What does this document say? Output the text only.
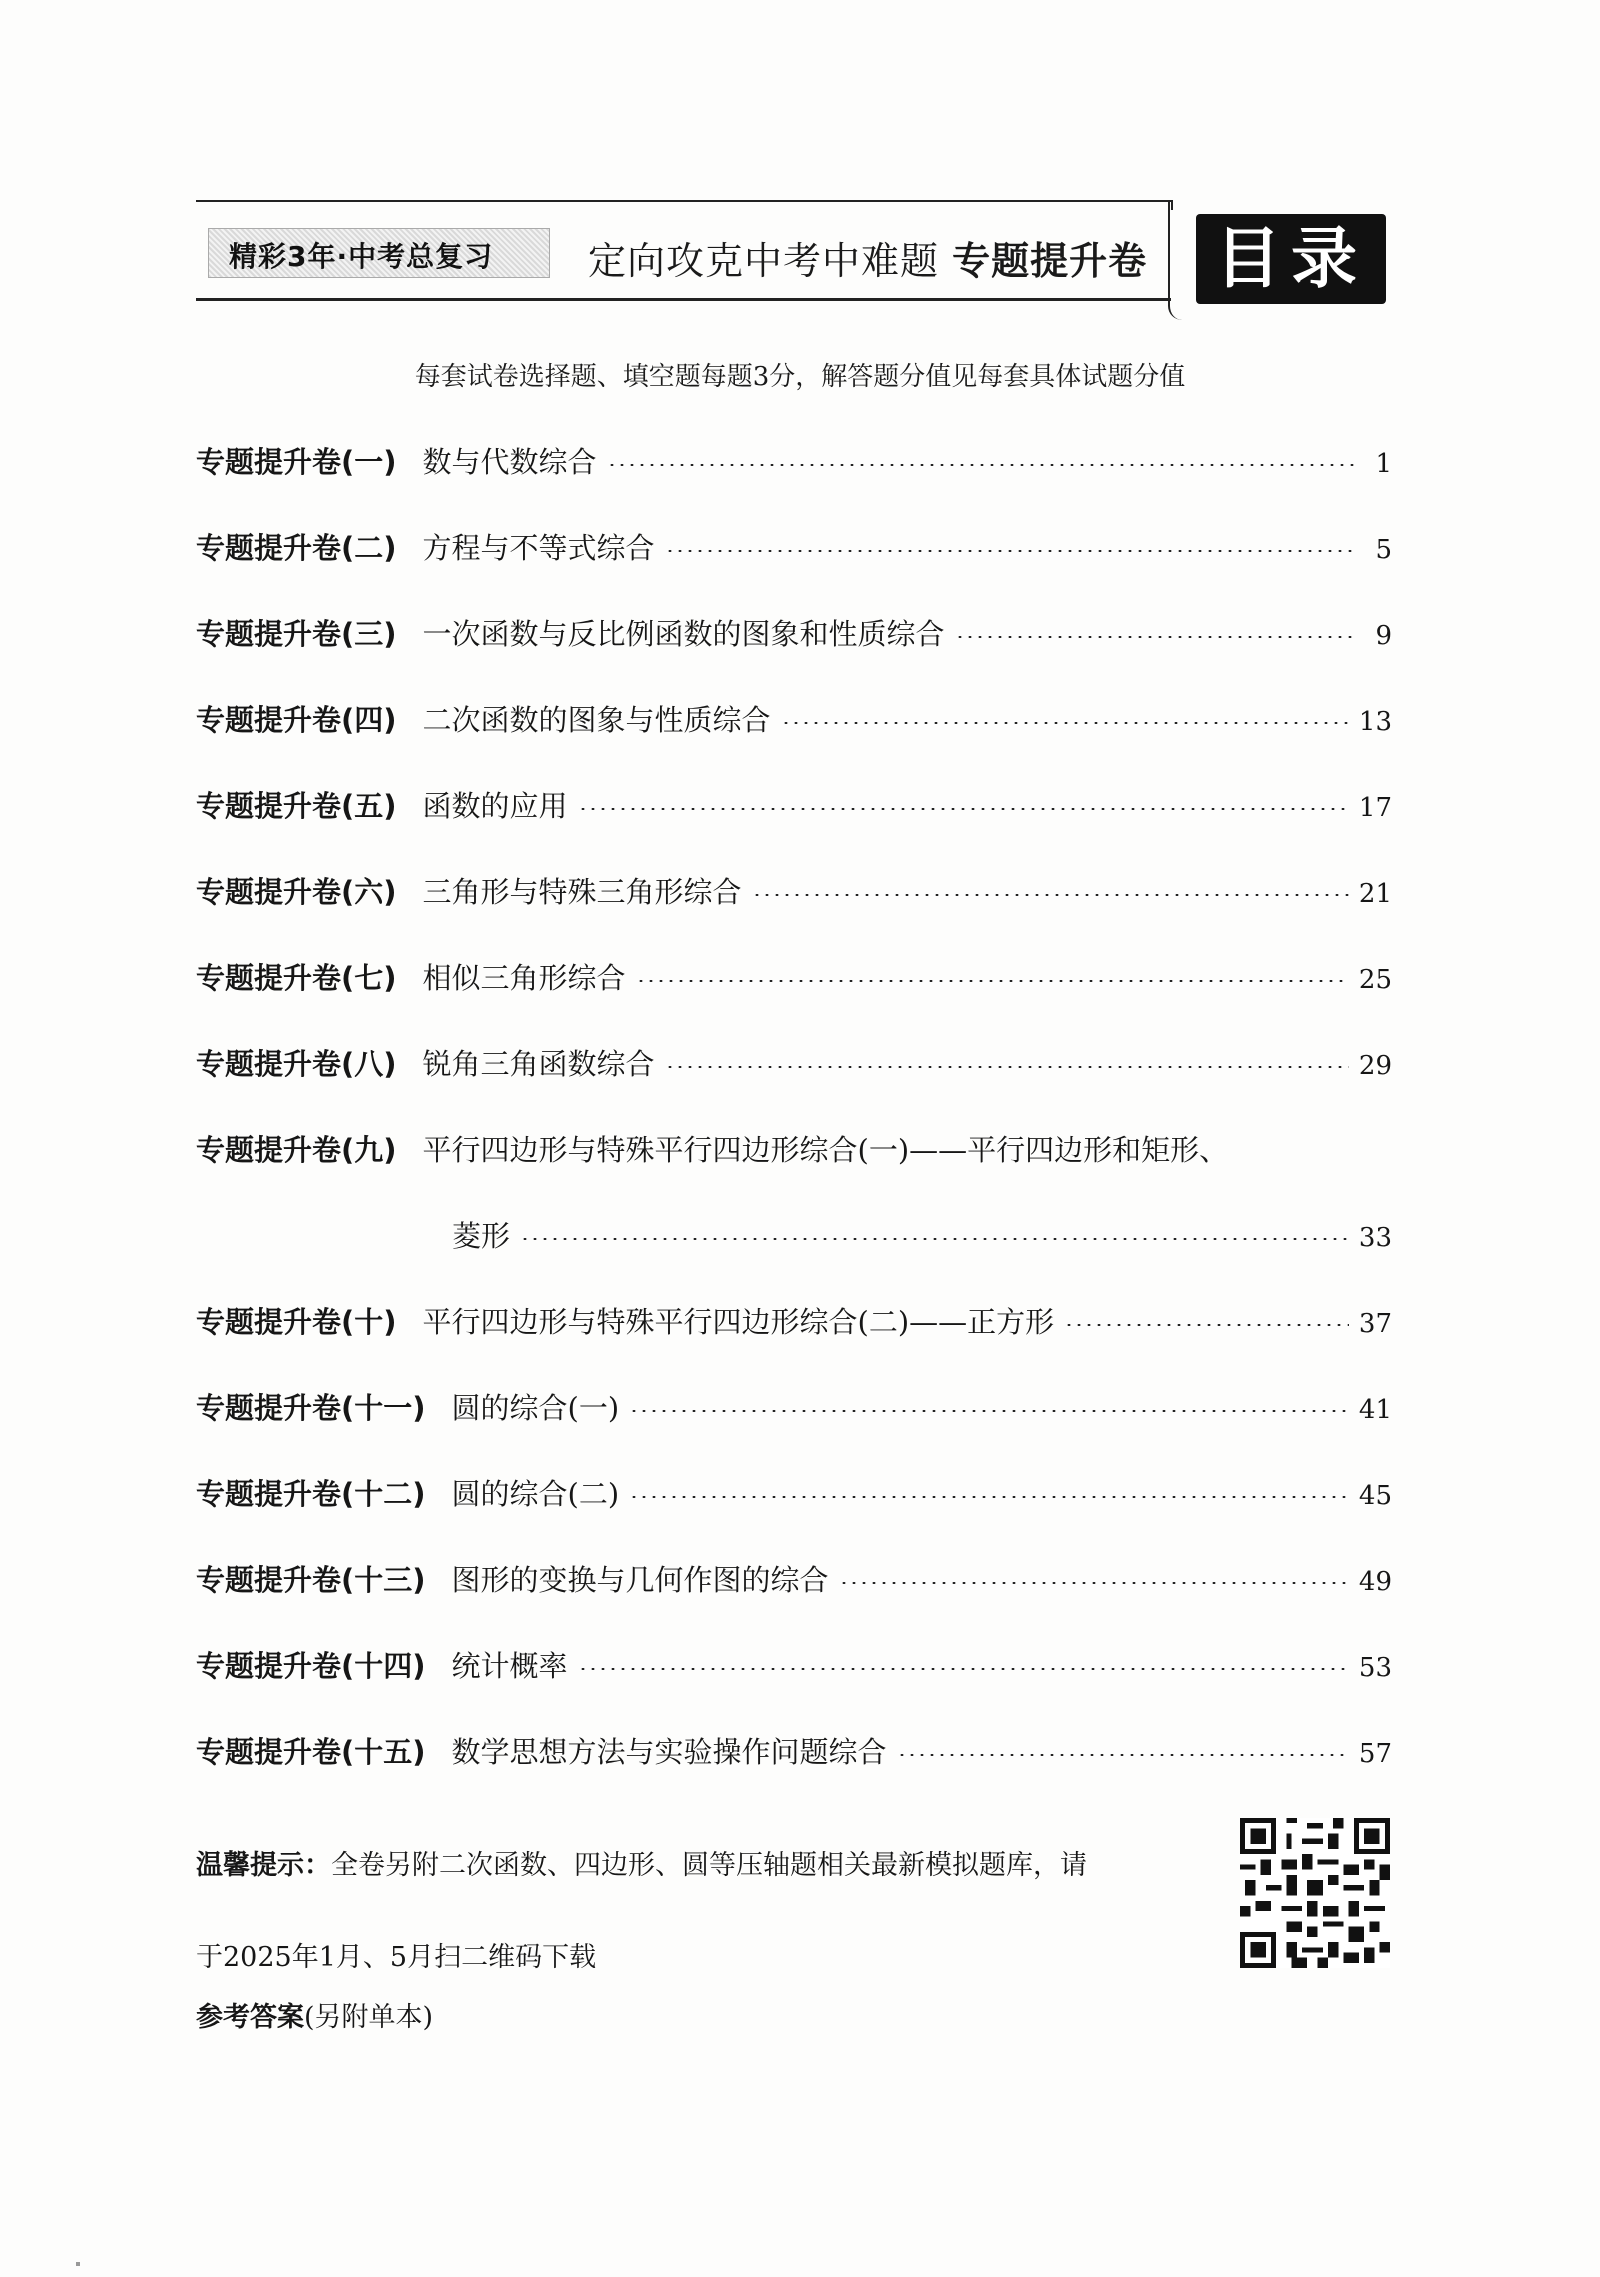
精彩3年·中考总复习 定向攻克中考中难题 专题提升卷 目录
每套试卷选择题、填空题每题3分，解答题分值见每套具体试题分值
专题提升卷(一) 数与代数综合	1
专题提升卷(二) 方程与不等式综合	5
专题提升卷(三) 一次函数与反比例函数的图象和性质综合	9
专题提升卷(四) 二次函数的图象与性质综合	13
专题提升卷(五) 函数的应用	17
专题提升卷(六) 三角形与特殊三角形综合	21
专题提升卷(七) 相似三角形综合	25
专题提升卷(八) 锐角三角函数综合	29
专题提升卷(九) 平行四边形与特殊平行四边形综合(一)——平行四边形和矩形、
菱形	33
专题提升卷(十) 平行四边形与特殊平行四边形综合(二)——正方形	37
专题提升卷(十一) 圆的综合(一)	41
专题提升卷(十二) 圆的综合(二)	45
专题提升卷(十三) 图形的变换与几何作图的综合	49
专题提升卷(十四) 统计概率	53
专题提升卷(十五) 数学思想方法与实验操作问题综合	57
温馨提示：全卷另附二次函数、四边形、圆等压轴题相关最新模拟题库，请
于2025年1月、5月扫二维码下载
参考答案(另附单本)
